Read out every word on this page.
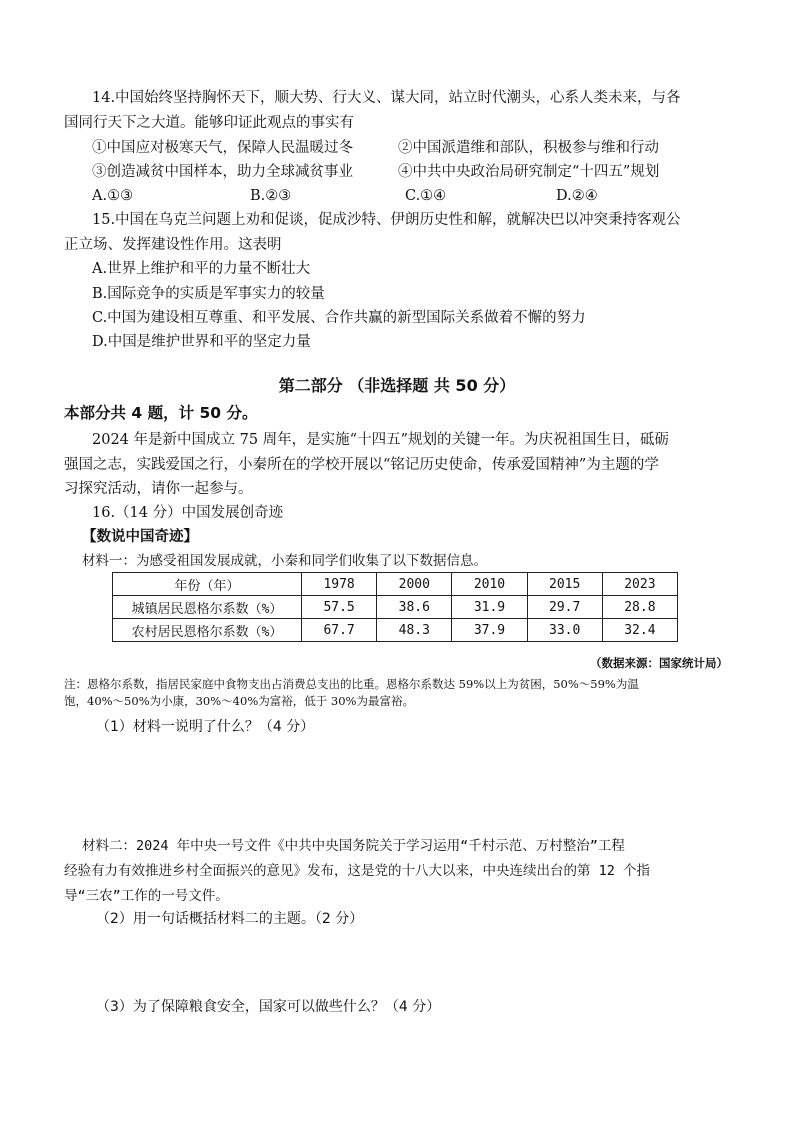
14.中国始终坚持胸怀天下，顺大势、行大义、谋大同，站立时代潮头，心系人类未来，与各
国同行天下之大道。能够印证此观点的事实有
①中国应对极寒天气，保障人民温暖过冬	②中国派遣维和部队，积极参与维和行动
③创造减贫中国样本，助力全球减贫事业	④中共中央政治局研究制定“十四五”规划
A.①③	B.②③	C.①④	D.②④
15.中国在乌克兰问题上劝和促谈，促成沙特、伊朗历史性和解，就解决巴以冲突秉持客观公
正立场、发挥建设性作用。这表明
A.世界上维护和平的力量不断壮大
B.国际竞争的实质是军事实力的较量
C.中国为建设相互尊重、和平发展、合作共赢的新型国际关系做着不懈的努力
D.中国是维护世界和平的坚定力量
第二部分 （非选择题 共 50 分）
本部分共 4 题，计 50 分。
2024 年是新中国成立 75 周年，是实施“十四五”规划的关键一年。为庆祝祖国生日，砥砺
强国之志，实践爱国之行，小秦所在的学校开展以“铭记历史使命，传承爱国精神”为主题的学
习探究活动，请你一起参与。
16.（14 分）中国发展创奇迹
【数说中国奇迹】
材料一：为感受祖国发展成就，小秦和同学们收集了以下数据信息。
年份（年）	1978	2000	2010	2015	2023
城镇居民恩格尔系数（%）	57.5	38.6	31.9	29.7	28.8
农村居民恩格尔系数（%）	67.7	48.3	37.9	33.0	32.4
（数据来源：国家统计局）
注：恩格尔系数，指居民家庭中食物支出占消费总支出的比重。恩格尔系数达 59%以上为贫困，50%～59%为温
饱，40%～50%为小康，30%～40%为富裕，低于 30%为最富裕。
（1）材料一说明了什么？（4 分）
材料二：2024 年中央一号文件《中共中央国务院关于学习运用“千村示范、万村整治”工程
经验有力有效推进乡村全面振兴的意见》发布，这是党的十八大以来，中央连续出台的第 12 个指
导“三农”工作的一号文件。
（2）用一句话概括材料二的主题。（2 分）
（3）为了保障粮食安全，国家可以做些什么？（4 分）
